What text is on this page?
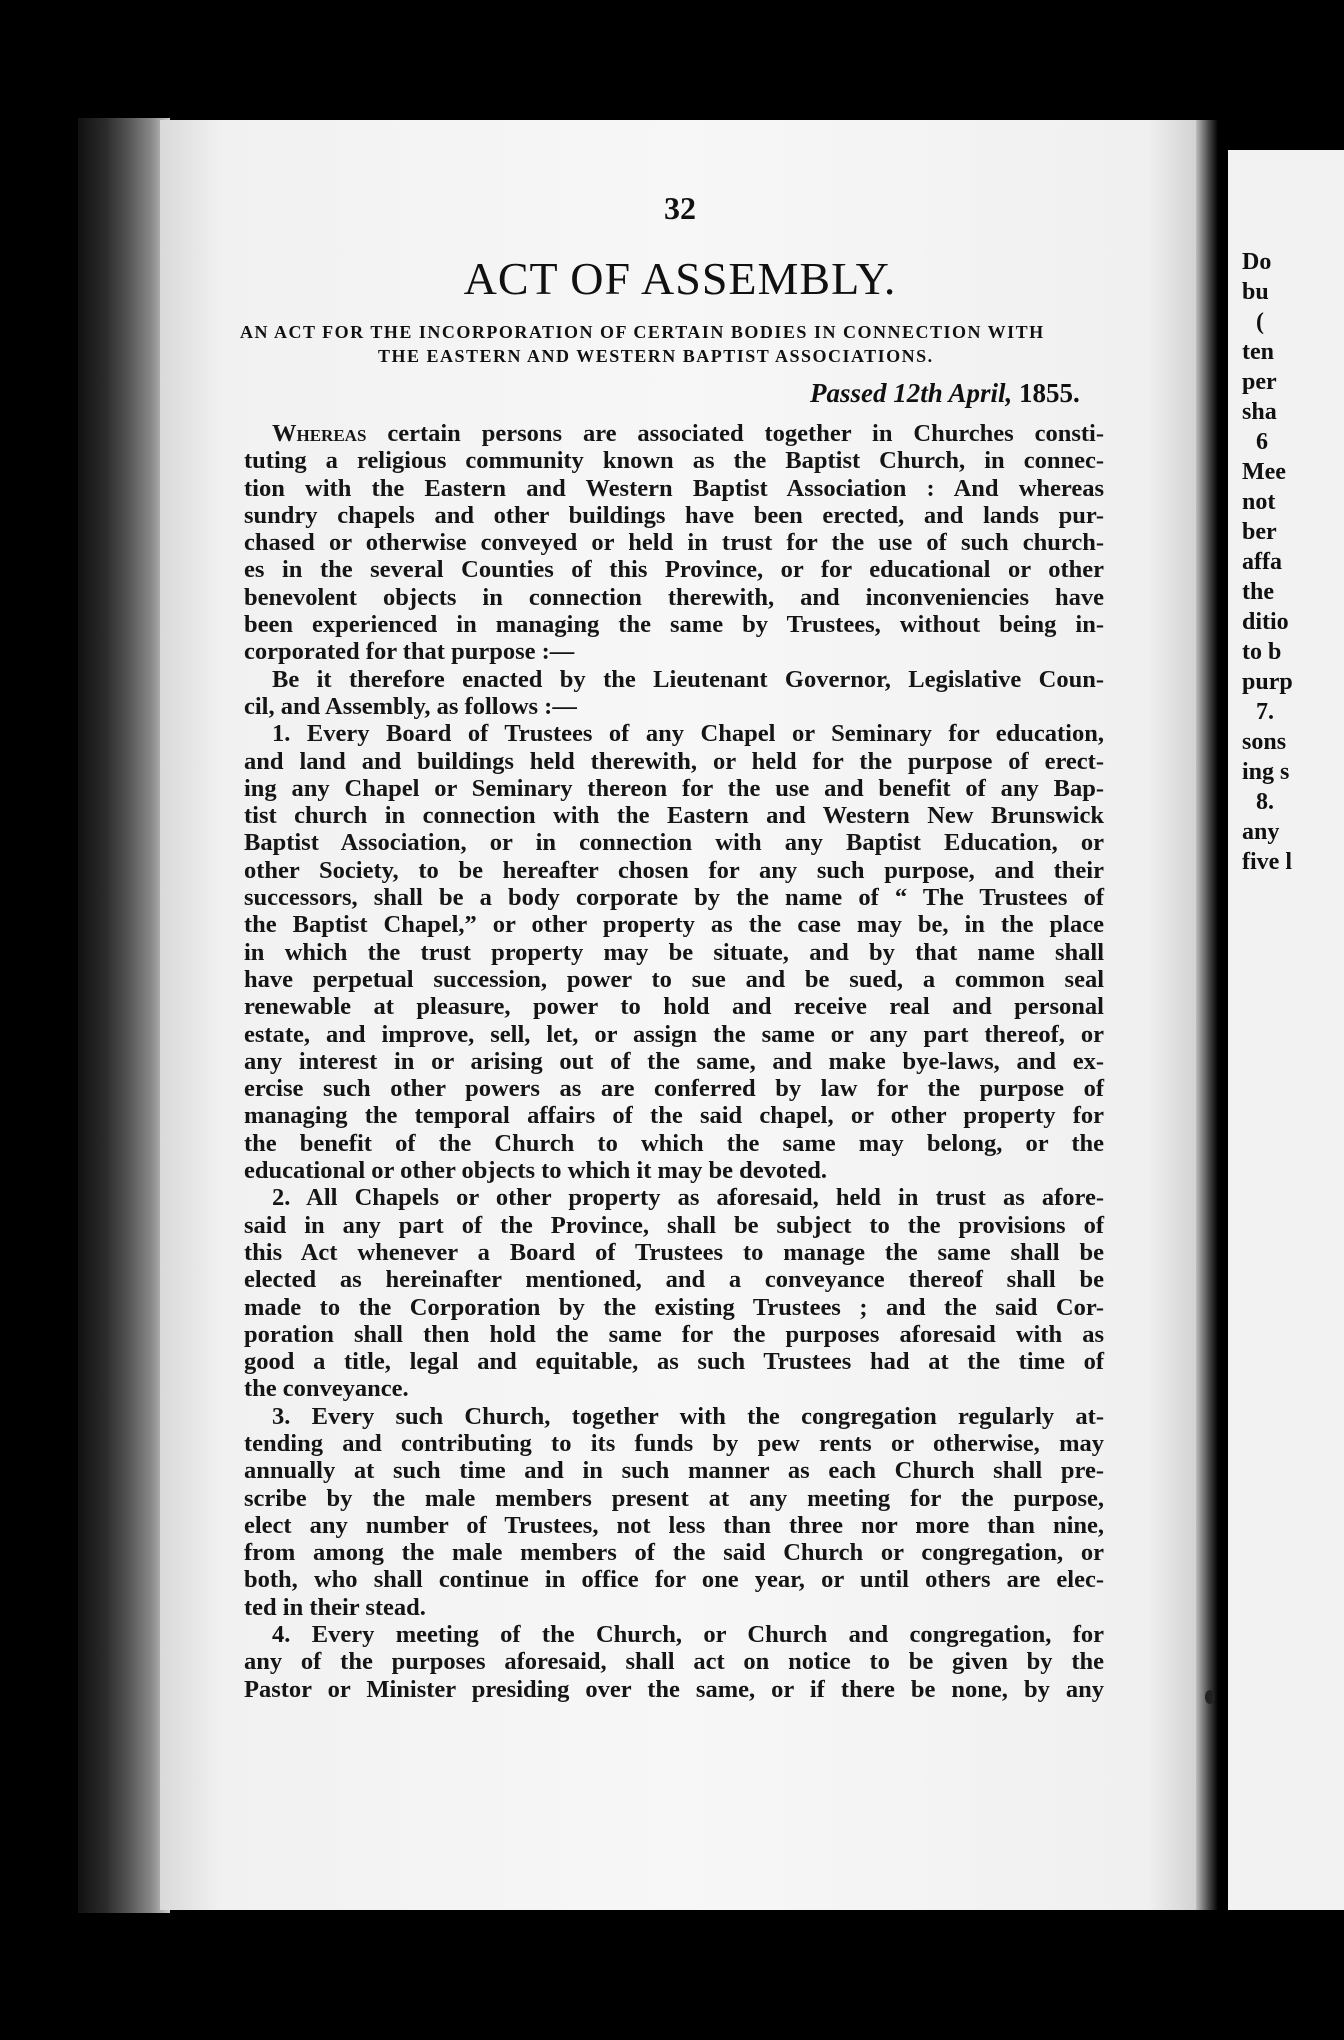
Do
bu
(
ten
per
sha
6
Mee
not
ber
affa
the
ditio
to b
purp
7.
sons
ing s
8.
any
five l
32
ACT OF ASSEMBLY.
AN ACT FOR THE INCORPORATION OF CERTAIN BODIES IN CONNECTION WITH
THE EASTERN AND WESTERN BAPTIST ASSOCIATIONS.
Passed 12th April, 1855.
Whereas certain persons are associated together in Churches consti-
tuting a religious community known as the Baptist Church, in connec-
tion with the Eastern and Western Baptist Association : And whereas
sundry chapels and other buildings have been erected, and lands pur-
chased or otherwise conveyed or held in trust for the use of such church-
es in the several Counties of this Province, or for educational or other
benevolent objects in connection therewith, and inconveniencies have
been experienced in managing the same by Trustees, without being in-
corporated for that purpose :—
Be it therefore enacted by the Lieutenant Governor, Legislative Coun-
cil, and Assembly, as follows :—
1. Every Board of Trustees of any Chapel or Seminary for education,
and land and buildings held therewith, or held for the purpose of erect-
ing any Chapel or Seminary thereon for the use and benefit of any Bap-
tist church in connection with the Eastern and Western New Brunswick
Baptist Association, or in connection with any Baptist Education, or
other Society, to be hereafter chosen for any such purpose, and their
successors, shall be a body corporate by the name of “ The Trustees of
the Baptist Chapel,” or other property as the case may be, in the place
in which the trust property may be situate, and by that name shall
have perpetual succession, power to sue and be sued, a common seal
renewable at pleasure, power to hold and receive real and personal
estate, and improve, sell, let, or assign the same or any part thereof, or
any interest in or arising out of the same, and make bye-laws, and ex-
ercise such other powers as are conferred by law for the purpose of
managing the temporal affairs of the said chapel, or other property for
the benefit of the Church to which the same may belong, or the
educational or other objects to which it may be devoted.
2. All Chapels or other property as aforesaid, held in trust as afore-
said in any part of the Province, shall be subject to the provisions of
this Act whenever a Board of Trustees to manage the same shall be
elected as hereinafter mentioned, and a conveyance thereof shall be
made to the Corporation by the existing Trustees ; and the said Cor-
poration shall then hold the same for the purposes aforesaid with as
good a title, legal and equitable, as such Trustees had at the time of
the conveyance.
3. Every such Church, together with the congregation regularly at-
tending and contributing to its funds by pew rents or otherwise, may
annually at such time and in such manner as each Church shall pre-
scribe by the male members present at any meeting for the purpose,
elect any number of Trustees, not less than three nor more than nine,
from among the male members of the said Church or congregation, or
both, who shall continue in office for one year, or until others are elec-
ted in their stead.
4. Every meeting of the Church, or Church and congregation, for
any of the purposes aforesaid, shall act on notice to be given by the
Pastor or Minister presiding over the same, or if there be none, by any
